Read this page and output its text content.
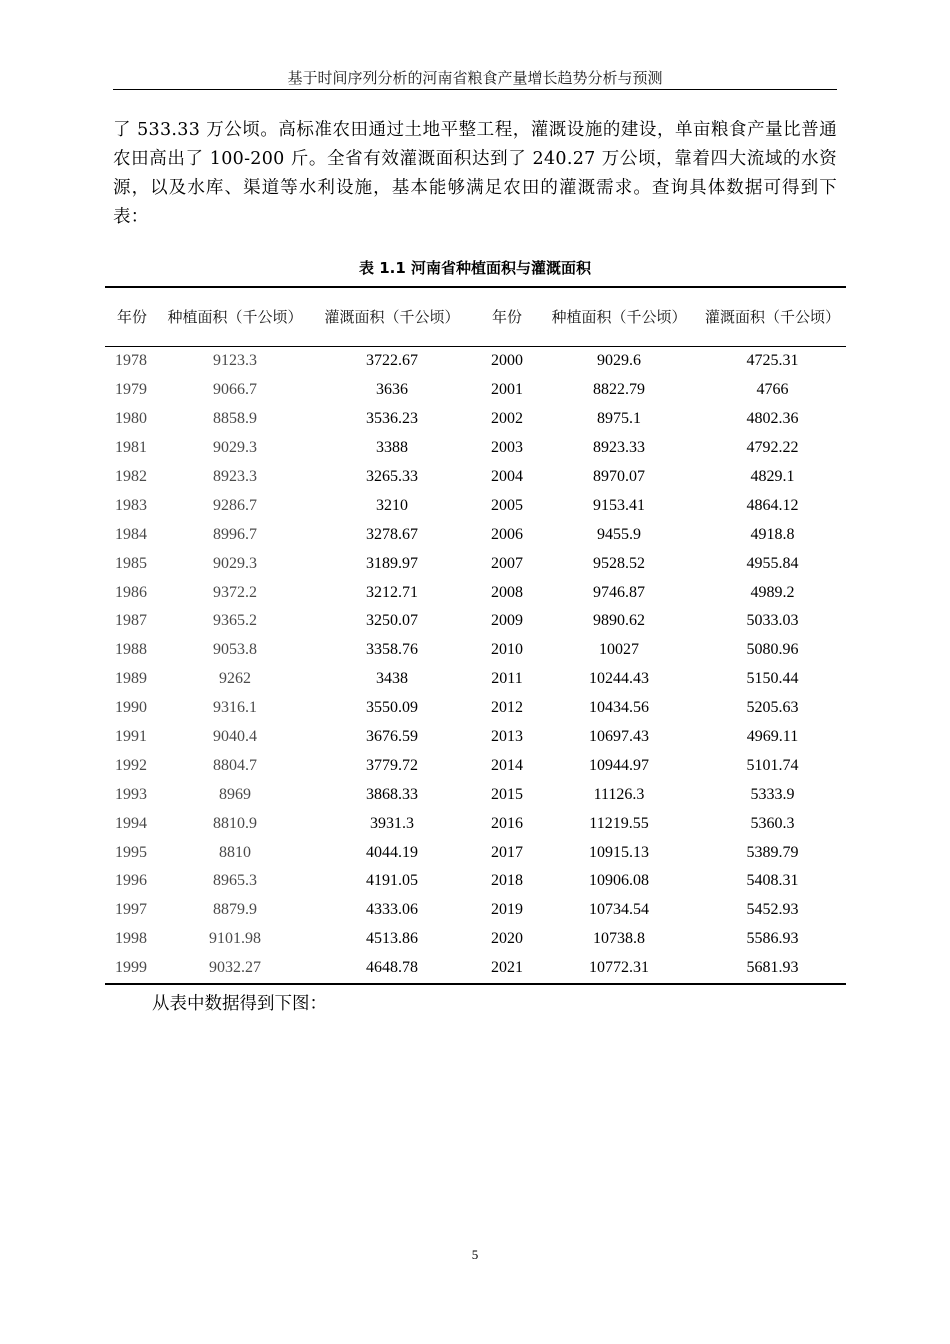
基于时间序列分析的河南省粮食产量增长趋势分析与预测

了 533.33 万公顷。高标准农田通过土地平整工程，灌溉设施的建设，单亩粮食产量比普通农田高出了 100-200 斤。全省有效灌溉面积达到了 240.27 万公顷，靠着四大流域的水资源，以及水库、渠道等水利设施，基本能够满足农田的灌溉需求。查询具体数据可得到下表：

表 1.1 河南省种植面积与灌溉面积
年份	种植面积（千公顷）	灌溉面积（千公顷）	年份	种植面积（千公顷）	灌溉面积（千公顷）
1978	9123.3	3722.67	2000	9029.6	4725.31
1979	9066.7	3636	2001	8822.79	4766
1980	8858.9	3536.23	2002	8975.1	4802.36
1981	9029.3	3388	2003	8923.33	4792.22
1982	8923.3	3265.33	2004	8970.07	4829.1
1983	9286.7	3210	2005	9153.41	4864.12
1984	8996.7	3278.67	2006	9455.9	4918.8
1985	9029.3	3189.97	2007	9528.52	4955.84
1986	9372.2	3212.71	2008	9746.87	4989.2
1987	9365.2	3250.07	2009	9890.62	5033.03
1988	9053.8	3358.76	2010	10027	5080.96
1989	9262	3438	2011	10244.43	5150.44
1990	9316.1	3550.09	2012	10434.56	5205.63
1991	9040.4	3676.59	2013	10697.43	4969.11
1992	8804.7	3779.72	2014	10944.97	5101.74
1993	8969	3868.33	2015	11126.3	5333.9
1994	8810.9	3931.3	2016	11219.55	5360.3
1995	8810	4044.19	2017	10915.13	5389.79
1996	8965.3	4191.05	2018	10906.08	5408.31
1997	8879.9	4333.06	2019	10734.54	5452.93
1998	9101.98	4513.86	2020	10738.8	5586.93
1999	9032.27	4648.78	2021	10772.31	5681.93

从表中数据得到下图：

5
